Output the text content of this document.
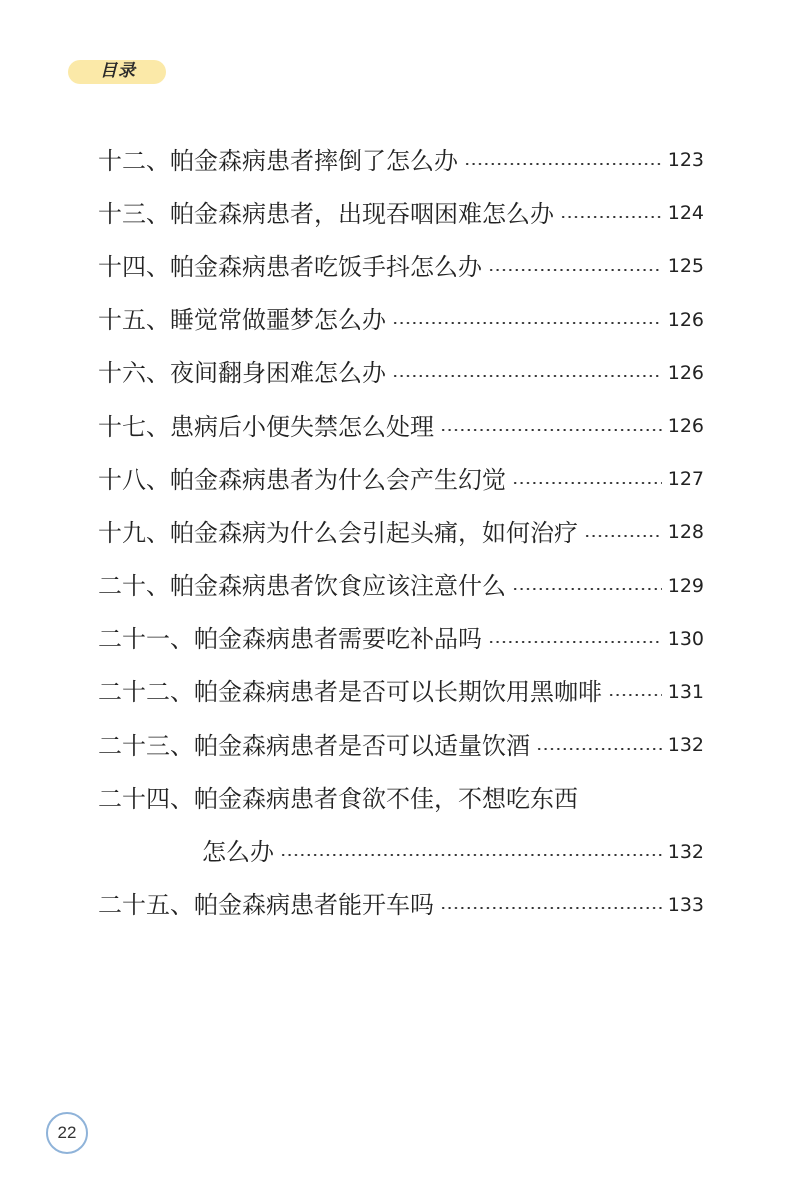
目录
十二、帕金森病患者摔倒了怎么办	123
十三、帕金森病患者，出现吞咽困难怎么办	124
十四、帕金森病患者吃饭手抖怎么办	125
十五、睡觉常做噩梦怎么办	126
十六、夜间翻身困难怎么办	126
十七、患病后小便失禁怎么处理	126
十八、帕金森病患者为什么会产生幻觉	127
十九、帕金森病为什么会引起头痛，如何治疗	128
二十、帕金森病患者饮食应该注意什么	129
二十一、帕金森病患者需要吃补品吗	130
二十二、帕金森病患者是否可以长期饮用黑咖啡	131
二十三、帕金森病患者是否可以适量饮酒	132
二十四、帕金森病患者食欲不佳，不想吃东西
怎么办	132
二十五、帕金森病患者能开车吗	133
22
